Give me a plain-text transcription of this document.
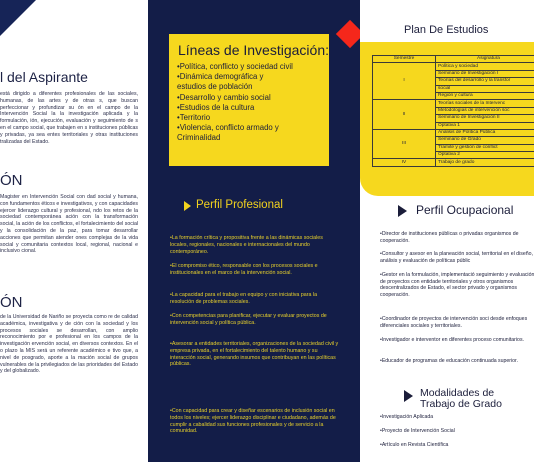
l del Aspirante

está dirigido a diferentes profesionales de las sociales, humanas, de las artes y de otras s, que buscan perfeccionar y profundizar su ón en el campo de la Intervención Social la la investigación aplicada y la formulación, ión, ejecución, evaluación y seguimiento de s en el campo social, que trabajen en s instituciones públicas y privadas, ya sea entes territoriales y otras instituciones tralizadas del Estado.

ÓN

Magister en Intervención Social con dad social y humana, con fundamentos éticos e investigativos, y con capacidades ejercer liderazgo cultural y profesional, ndo los retos de la sociedad contemporánea ación con la transformación social, la ación de los conflictos, el fortalecimiento del social y la consolidación de la paz, para tomar desarrollar acciones que permitan atender ones complejas de la vida social y comunitaria contextos local, regional, nacional e inclusivo cional.

ÓN

de la Universidad de Nariño se proyecta como re de calidad académica, investigativa y de ción con la sociedad y los procesos sociales se desarrollan, con amplio reconocimiento por e profesional en los campos de la investigación ervención social, en diversos contextos. En el o plazo la MIS será un referente académico e tivo que, a nivel de posgrado, aporte a la mación social de grupos vulnerables de la privilegiados de las prioridades del Estado y del globalizado.

Líneas de Investigación:
•Política, conflicto y sociedad civil
•Dinámica demográfica y
estudios de población
•Desarrollo y cambio social
•Estudios de la cultura
•Territorio
•Violencia, conflicto armado y
Criminalidad
Perfil Profesional

•La formación crítica y propositiva frente a las dinámicas sociales locales, regionales, nacionales e internacionales del mundo contemporáneo.

•El compromiso ético, responsable con los procesos sociales e institucionales en el marco de la intervención social.

•La capacidad para el trabajo en equipo y con iniciativa para la resolución de problemas sociales.

•Con competencias para planificar, ejecutar y evaluar proyectos de intervención social y política pública.

•Asesorar a entidades territoriales, organizaciones de la sociedad civil y empresa privada, en el fortalecimiento del talento humano y su interacción social, generando insumos que contribuyan en las políticas públicas.

•Con capacidad para crear y diseñar escenarios de inclusión social en todos los niveles; ejercer liderazgo disciplinar e ciudadano, además de cumplir a cabalidad sus funciones profesionales y de servicio a la comunidad.

Plan De Estudios
Semestre	Asignatura
I	Política y sociedad
	Seminario de Investigación I
	Teorías del desarrollo y la transfor
	social
	Región y cultura
II	Teorías sociales de la Intervenc
	Metodologías de intervención soc
	Seminario de Investigación II
	Optativa 1
III	Análisis de Política Pública
	Seminario de Grado
	Tramite y gestión de conflict
	Optativa 2
IV	Trabajo de grado
Perfil Ocupacional

•Director de instituciones públicas o privadas organismos de cooperación.

•Consultor y asesor en la planeación social, territorial en el diseño, análisis y evaluación de políticas públic

•Gestor en la formulación, implementació seguimiento y evaluación de proyectos con entidade territoriales y otros organismos descentralizados de Estado, el sector privado y organismos cooperación.

•Coordinador de proyectos de intervención soci desde enfoques diferenciales sociales y territoriales.

•Investigador e interventor en diferentes proceso comunitarios.

•Educador de programas de educación continuada superior.

Modalidades de Trabajo de Grado

•Investigación Aplicada

•Proyecto de Intervención Social

•Artículo en Revista Científica
